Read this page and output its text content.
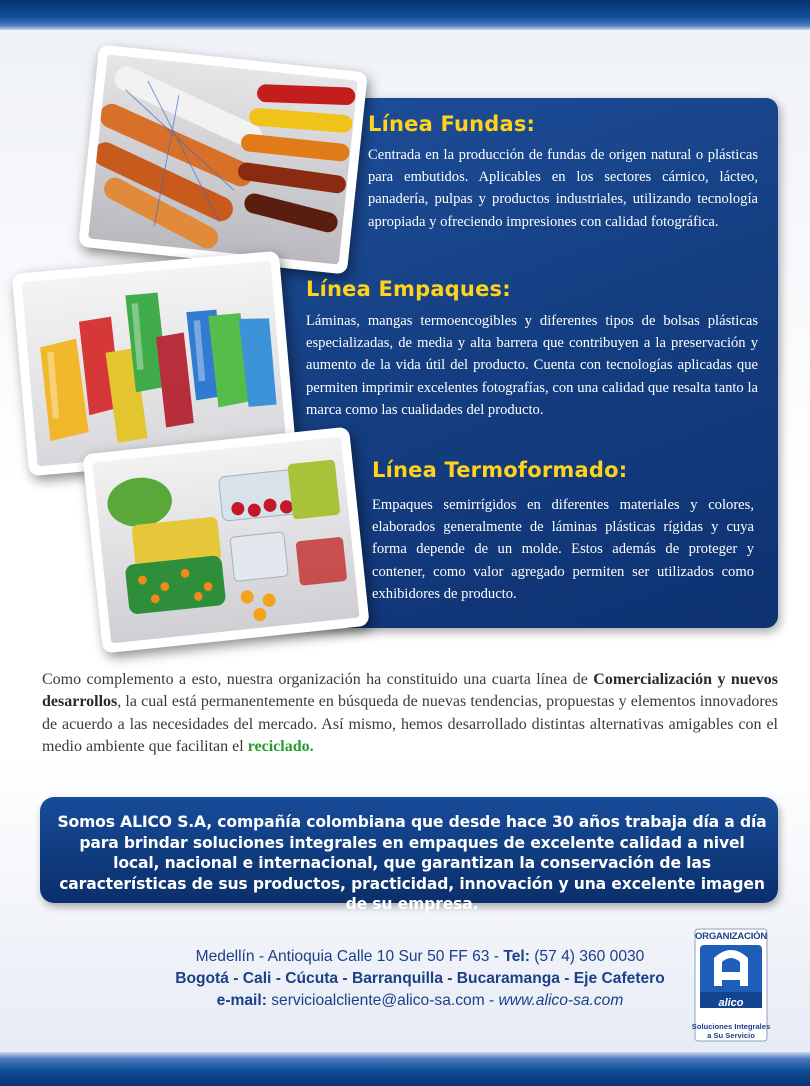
Línea Fundas:
Centrada en la producción de fundas de origen natural o plásticas para embutidos. Aplicables en los sectores cárnico, lácteo, panadería, pulpas y productos industriales, utilizando tecnología apropiada y ofreciendo impresiones con calidad fotográfica.
Línea Empaques:
Láminas, mangas termoencogibles y diferentes tipos de bolsas plásticas especializadas, de media y alta barrera que contribuyen a la preservación y aumento de la vida útil del producto. Cuenta con tecnologías aplicadas que permiten imprimir excelentes fotografías, con una calidad que resalta tanto la marca como las cualidades del producto.
Línea Termoformado:
Empaques semirrígidos en diferentes materiales y colores, elaborados generalmente de láminas plásticas rígidas y cuya forma depende de un molde. Estos además de proteger y contener, como valor agregado permiten ser utilizados como exhibidores de producto.
Como complemento a esto, nuestra organización ha constituido una cuarta línea de Comercialización y nuevos desarrollos, la cual está permanentemente en búsqueda de nuevas tendencias, propuestas y elementos innovadores de acuerdo a las necesidades del mercado. Así mismo, hemos desarrollado distintas alternativas amigables con el medio ambiente que facilitan el reciclado.
Somos ALICO S.A, compañía colombiana que desde hace 30 años trabaja día a día para brindar soluciones integrales en empaques de excelente calidad a nivel local, nacional e internacional, que garantizan la conservación de las características de sus productos, practicidad, innovación y una excelente imagen de su empresa.
Medellín - Antioquia Calle 10 Sur 50 FF 63 - Tel: (57 4) 360 0030
Bogotá - Cali - Cúcuta - Barranquilla - Bucaramanga - Eje Cafetero
e-mail: servicioalcliente@alico-sa.com - www.alico-sa.com
ORGANIZACIÓN
alico
Soluciones Integrales
a Su Servicio
